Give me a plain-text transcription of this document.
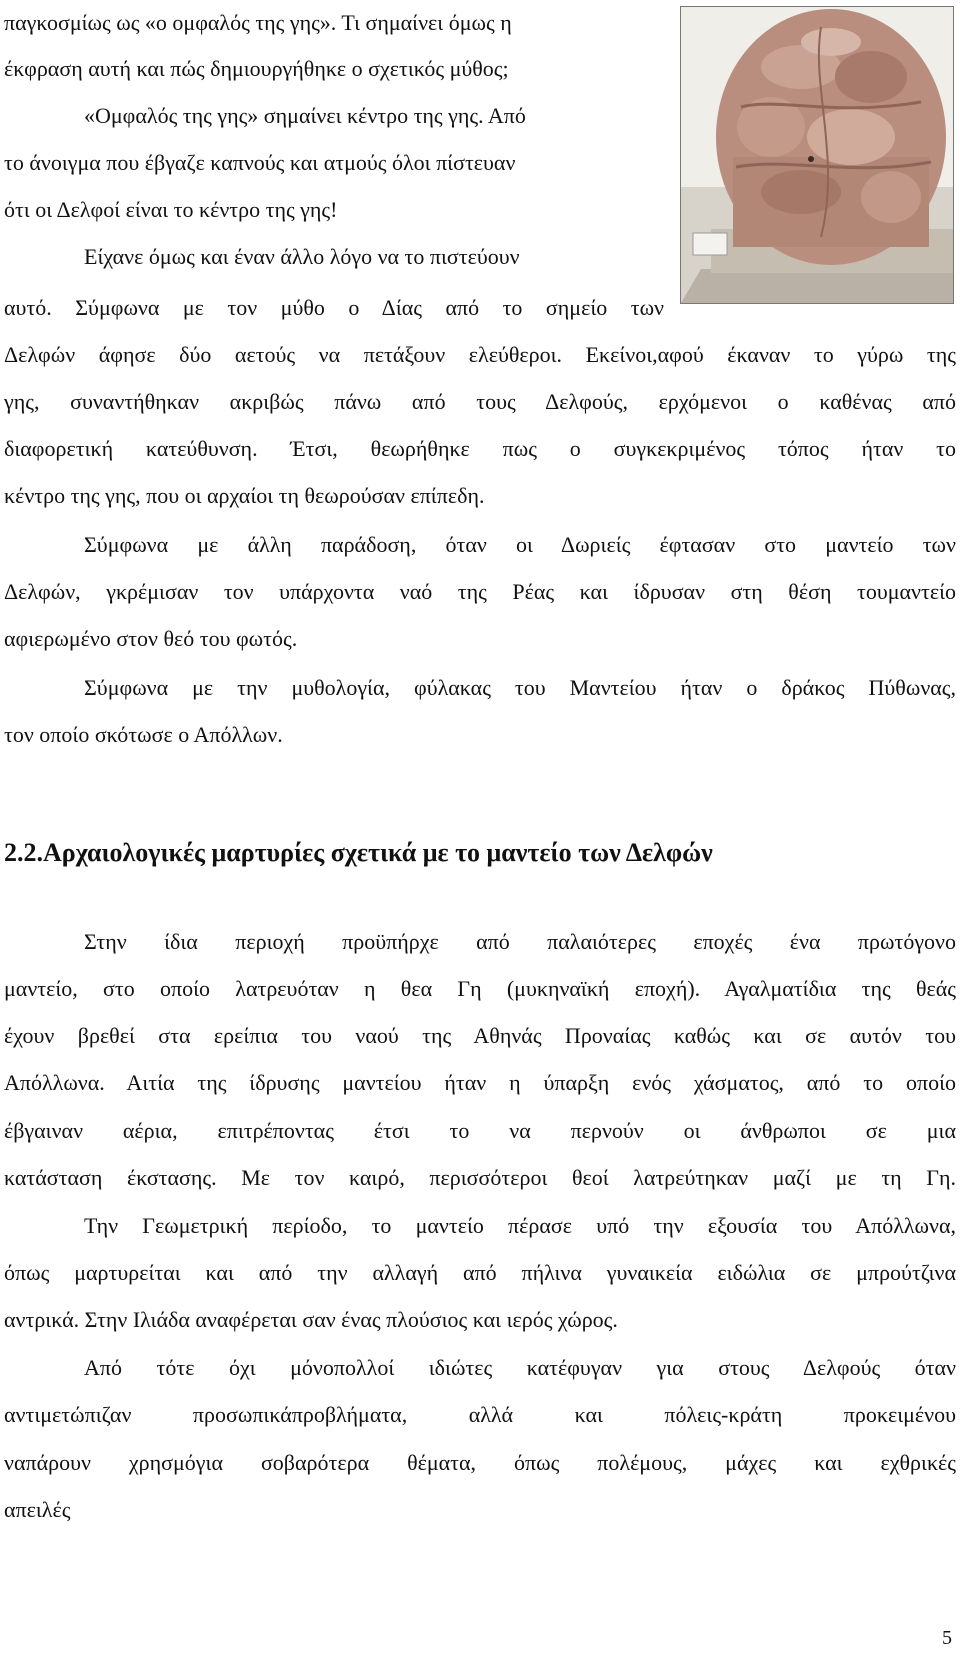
παγκοσμίως ως «ο ομφαλός της γης». Τι σημαίνει όμως η
έκφραση αυτή και πώς δημιουργήθηκε ο σχετικός μύθος;
«Ομφαλός της γης» σημαίνει κέντρο της γης. Από
το άνοιγμα που έβγαζε καπνούς και ατμούς όλοι πίστευαν
ότι οι Δελφοί είναι το κέντρο της γης!
Είχανε όμως και έναν άλλο λόγο να το πιστεύουν
αυτό. Σύμφωνα με τον μύθο ο Δίας από το σημείο των
Δελφών άφησε δύο αετούς να πετάξουν ελεύθεροι. Εκείνοι,αφού έκαναν το γύρω της
γης, συναντήθηκαν ακριβώς πάνω από τους Δελφούς, ερχόμενοι ο καθένας από
διαφορετική κατεύθυνση. Έτσι, θεωρήθηκε πως ο συγκεκριμένος τόπος ήταν το
κέντρο της γης, που οι αρχαίοι τη θεωρούσαν επίπεδη.
Σύμφωνα με άλλη παράδοση, όταν οι Δωριείς έφτασαν στο μαντείο των
Δελφών, γκρέμισαν τον υπάρχοντα ναό της Ρέας και ίδρυσαν στη θέση τουμαντείο
αφιερωμένο στον θεό του φωτός.
Σύμφωνα με την μυθολογία, φύλακας του Μαντείου ήταν ο δράκος Πύθωνας,
τον οποίο σκότωσε ο Απόλλων.
2.2.Αρχαιολογικές μαρτυρίες σχετικά με το μαντείο των Δελφών
Στην ίδια περιοχή προϋπήρχε από παλαιότερες εποχές ένα πρωτόγονο
μαντείο, στο οποίο λατρευόταν η θεα Γη (μυκηναϊκή εποχή). Αγαλματίδια της θεάς
έχουν βρεθεί στα ερείπια του ναού της Αθηνάς Προναίας καθώς και σε αυτόν του
Απόλλωνα. Αιτία της ίδρυσης μαντείου ήταν η ύπαρξη ενός χάσματος, από το οποίο
έβγαιναν αέρια, επιτρέποντας έτσι το να περνούν οι άνθρωποι σε μια
κατάσταση έκστασης. Με τον καιρό, περισσότεροι θεοί λατρεύτηκαν μαζί με τη Γη.
Την Γεωμετρική περίοδο, το μαντείο πέρασε υπό την εξουσία του Απόλλωνα,
όπως μαρτυρείται και από την αλλαγή από πήλινα γυναικεία ειδώλια σε μπρούτζινα
αντρικά. Στην Ιλιάδα αναφέρεται σαν ένας πλούσιος και ιερός χώρος.
Από τότε όχι μόνοπολλοί ιδιώτες κατέφυγαν για στους Δελφούς όταν
αντιμετώπιζαν προσωπικάπροβλήματα, αλλά και πόλεις-κράτη προκειμένου
ναπάρουν χρησμόγια σοβαρότερα θέματα, όπως πολέμους, μάχες και εχθρικές
απειλές
5
